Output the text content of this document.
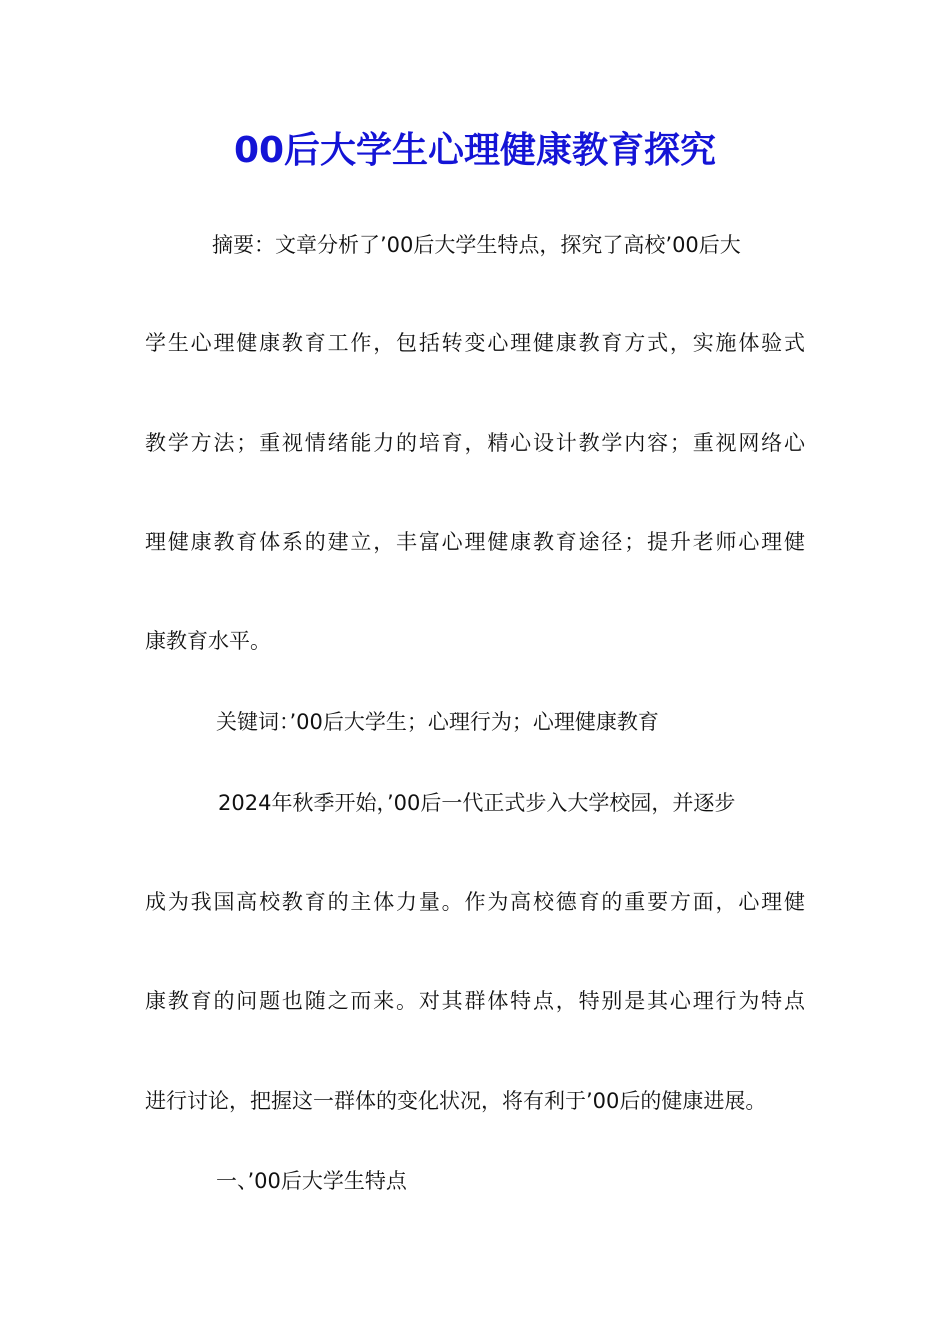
00后大学生心理健康教育探究
摘要：文章分析了’00后大学生特点，探究了高校’00后大
学生心理健康教育工作，包括转变心理健康教育方式，实施体验式
教学方法；重视情绪能力的培育，精心设计教学内容；重视网络心
理健康教育体系的建立，丰富心理健康教育途径；提升老师心理健
康教育水平。
关键词：’00后大学生；心理行为；心理健康教育
2024年秋季开始，’00后一代正式步入大学校园，并逐步
成为我国高校教育的主体力量。作为高校德育的重要方面，心理健
康教育的问题也随之而来。对其群体特点，特别是其心理行为特点
进行讨论，把握这一群体的变化状况，将有利于’00后的健康进展。
一、’00后大学生特点
